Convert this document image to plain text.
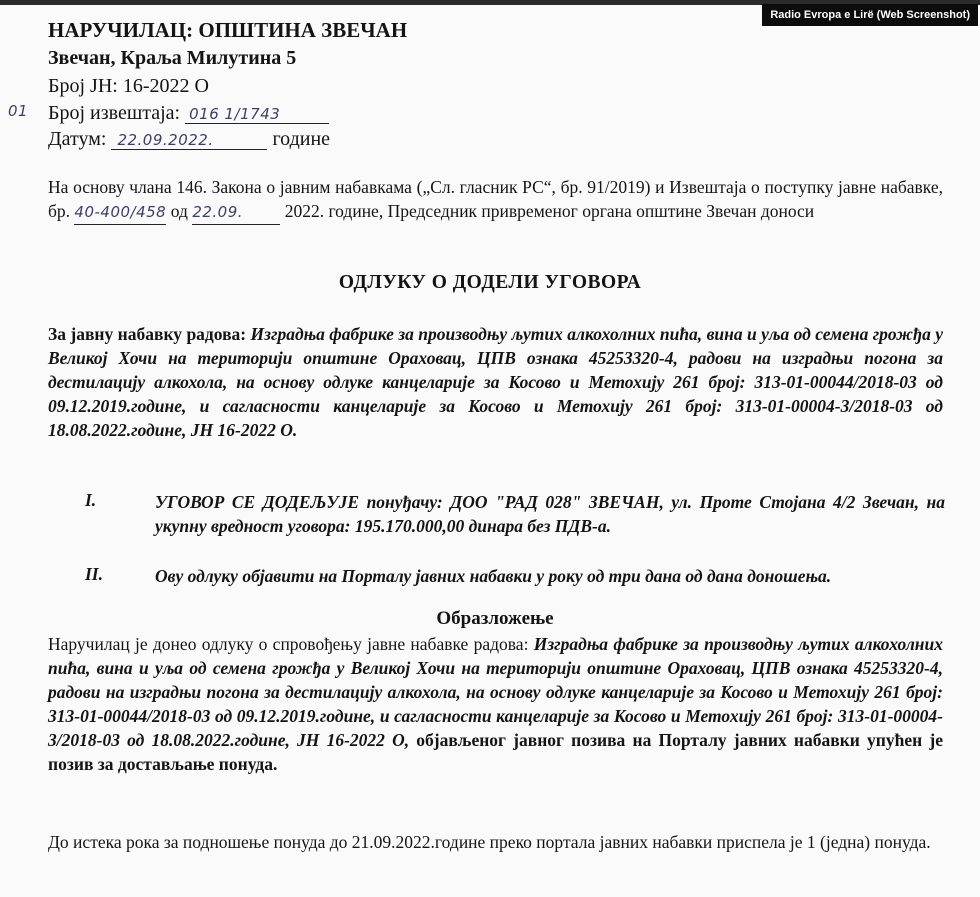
Radio Evropa e Lirë (Web Screenshot)
НАРУЧИЛАЦ: ОПШТИНА ЗВЕЧАН
Звечан, Краља Милутина 5
Број ЈН: 16-2022 О
01 Број извештаја: 016 1/1743
Датум: 22.09.2022.	године
На основу члана 146. Закона о јавним набавкама („Сл. гласник РС“, бр. 91/2019) и Извештаја о поступку јавне набавке, бр. 40-400/458 од 22.09. 2022. године, Председник привременог органа општине Звечан доноси
ОДЛУКУ О ДОДЕЛИ УГОВОРА
За јавну набавку радова: Изградња фабрике за производњу љутих алкохолних пића, вина и уља од семена грожђа у Великој Хочи на територији општине Ораховац, ЦПВ ознака 45253320-4, радови на изградњи погона за дестилацију алкохола, на основу одлуке канцеларије за Косово и Метохију 261 број: 313-01-00044/2018-03 од 09.12.2019.године, и сагласности канцеларије за Косово и Метохију 261 број: 313-01-00004-3/2018-03 од 18.08.2022.године, ЈН 16-2022 О.
I.	УГОВОР СЕ ДОДЕЉУЈЕ понуђачу: ДОО "РАД 028" ЗВЕЧАН, ул. Проте Стојана 4/2 Звечан, на укупну вредност уговора: 195.170.000,00 динара без ПДВ-а.
II.	Ову одлуку објавити на Порталу јавних набавки у року од три дана од дана доношења.
Образложење
Наручилац је донео одлуку о спровођењу јавне набавке радова: Изградња фабрике за производњу љутих алкохолних пића, вина и уља од семена грожђа у Великој Хочи на територији општине Ораховац, ЦПВ ознака 45253320-4, радови на изградњи погона за дестилацију алкохола, на основу одлуке канцеларије за Косово и Метохију 261 број: 313-01-00044/2018-03 од 09.12.2019.године, и сагласности канцеларије за Косово и Метохију 261 број: 313-01-00004-3/2018-03 од 18.08.2022.године, ЈН 16-2022 О, објављеног јавног позива на Порталу јавних набавки упућен је позив за достављање понуда.
До истека рока за подношење понуда до 21.09.2022.године преко портала јавних набавки приспела је 1 (једна) понуда.
